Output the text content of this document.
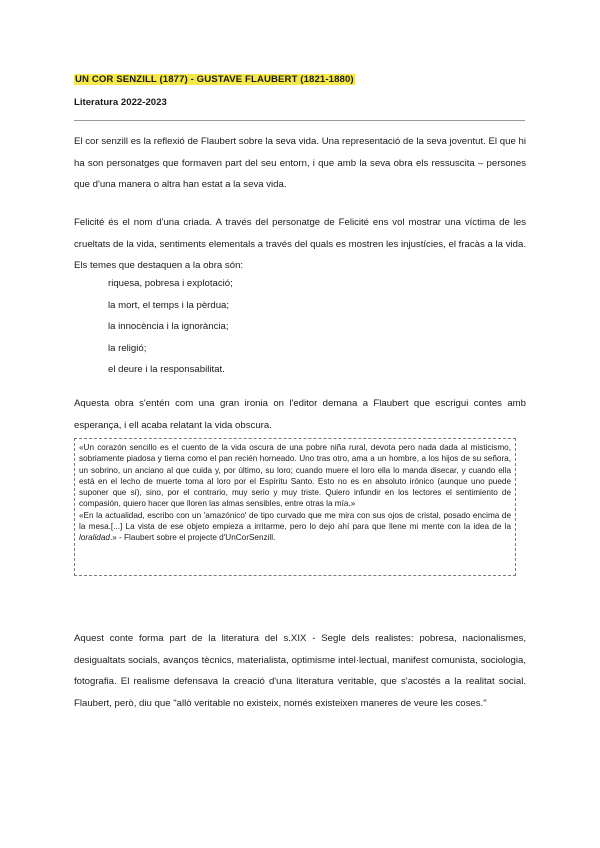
UN COR SENZILL (1877) - GUSTAVE FLAUBERT (1821-1880)
Literatura 2022-2023

El cor senzill es la reflexió de Flaubert sobre la seva vida. Una representació de la seva joventut. El que hi ha son personatges que formaven part del seu entorn, i que amb la seva obra els ressuscita – persones que d'una manera o altra han estat a la seva vida.

Felicité és el nom d'una criada. A través del personatge de Felicité ens vol mostrar una víctima de les crueltats de la vida, sentiments elementals a través del quals es mostren les injustícies, el fracàs a la vida. Els temes que destaquen a la obra són:

riquesa, pobresa i explotació;
la mort, el temps i la pèrdua;
la innocència i la ignorància;
la religió;
el deure i la responsabilitat.

Aquesta obra s'entén com una gran ironia on l'editor demana a Flaubert que escrigui contes amb esperança, i ell acaba relatant la vida obscura.

«Un corazón sencillo es el cuento de la vida oscura de una pobre niña rural, devota pero nada dada al misticismo, sobriamente piadosa y tierna como el pan recién horneado. Uno tras otro, ama a un hombre, a los hijos de su señora, un sobrino, un anciano al que cuida y, por último, su loro; cuando muere el loro ella lo manda disecar, y cuando ella está en el lecho de muerte toma al loro por el Espíritu Santo. Esto no es en absoluto irónico (aunque uno puede suponer que sí), sino, por el contrario, muy serio y muy triste. Quiero infundir en los lectores el sentimiento de compasión, quiero hacer que lloren las almas sensibles, entre otras la mía.»

«En la actualidad, escribo con un 'amazónico' de tipo curvado que me mira con sus ojos de cristal, posado encima de la mesa.[...] La vista de ese objeto empieza a irritarme, pero lo dejo ahí para que llene mi mente con la idea de la loralidad.» - Flaubert sobre el projecte d'UnCorSenzill.

Aquest conte forma part de la literatura del s.XIX - Segle dels realistes: pobresa, nacionalismes, desigualtats socials, avanços tècnics, materialista, optimisme intel·lectual, manifest comunista, sociologia, fotografia. El realisme defensava la creació d'una literatura veritable, que s'acostés a la realitat social. Flaubert, però, diu que "allò veritable no existeix, només existeixen maneres de veure les coses."
